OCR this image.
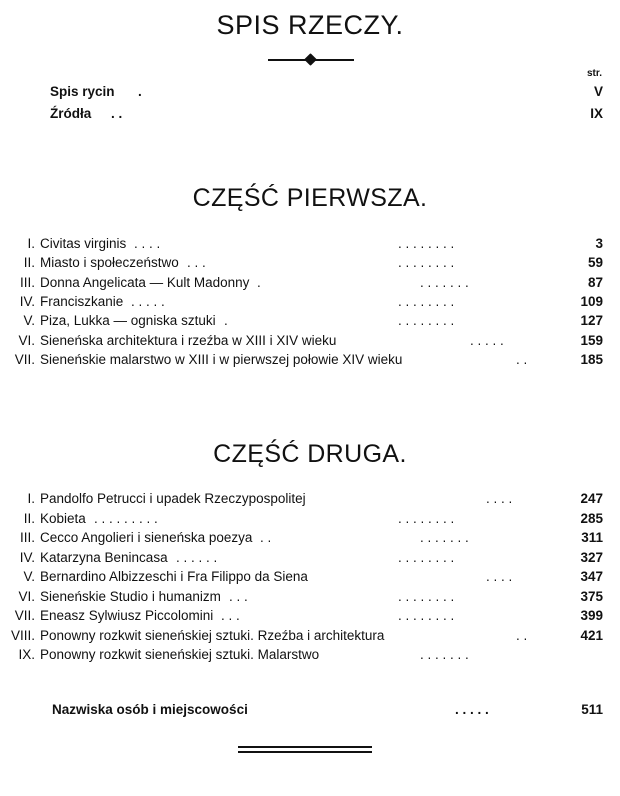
SPIS RZECZY.
str.
Spis rycin .	V
Źródła . .	IX
CZĘŚĆ PIERWSZA.
I. Civitas virginis . . . .	. . . . . . . .	3
II. Miasto i społeczeństwo . . .	. . . . . . . .	59
III. Donna Angelicata — Kult Madonny .	. . . . . . .	87
IV. Franciszkanie . . . . .	. . . . . . . .	109
V. Piza, Lukka — ogniska sztuki .	. . . . . . . .	127
VI. Sieneńska architektura i rzeźba w XIII i XIV wieku	. . . . .	159
VII. Sieneńskie malarstwo w XIII i w pierwszej połowie XIV wieku	. .	185
CZĘŚĆ DRUGA.
I. Pandolfo Petrucci i upadek Rzeczypospolitej	. . . .	247
II. Kobieta . . . . . . . . .	. . . . . . . .	285
III. Cecco Angolieri i sieneńska poezya . .	. . . . . . .	311
IV. Katarzyna Benincasa . . . . . .	. . . . . . . .	327
V. Bernardino Albizzeschi i Fra Filippo da Siena	. . . .	347
VI. Sieneńskie Studio i humanizm . . .	. . . . . . . .	375
VII. Eneasz Sylwiusz Piccolomini . . .	. . . . . . . .	399
VIII. Ponowny rozkwit sieneńskiej sztuki. Rzeźba i architektura	. .	421
IX. Ponowny rozkwit sieneńskiej sztuki. Malarstwo	. . . . . . .
Nazwiska osób i miejscowości	. . . . .	511
